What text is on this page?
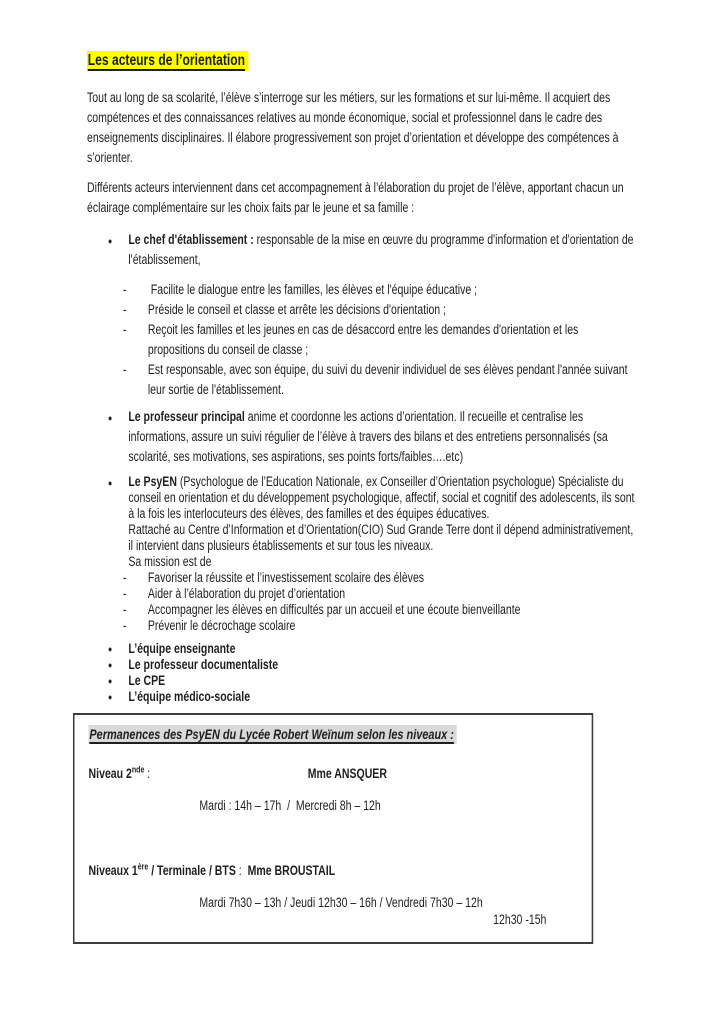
Les acteurs de l’orientation

Tout au long de sa scolarité, l’élève s’interroge sur les métiers, sur les formations et sur lui-même. Il acquiert des compétences et des connaissances relatives au monde économique, social et professionnel dans le cadre des enseignements disciplinaires. Il élabore progressivement son projet d’orientation et développe des compétences à s’orienter.

Différents acteurs interviennent dans cet accompagnement à l’élaboration du projet de l’élève, apportant chacun un éclairage complémentaire sur les choix faits par le jeune et sa famille :

● Le chef d'établissement : responsable de la mise en œuvre du programme d'information et d'orientation de l'établissement,
-  Facilite le dialogue entre les familles, les élèves et l'équipe éducative ;
- Préside le conseil et classe et arrête les décisions d'orientation ;
- Reçoit les familles et les jeunes en cas de désaccord entre les demandes d'orientation et les propositions du conseil de classe ;
- Est responsable, avec son équipe, du suivi du devenir individuel de ses élèves pendant l'année suivant leur sortie de l'établissement.
● Le professeur principal anime et coordonne les actions d’orientation. Il recueille et centralise les informations, assure un suivi régulier de l’élève à travers des bilans et des entretiens personnalisés (sa scolarité, ses motivations, ses aspirations, ses points forts/faibles….etc)
● Le PsyEN (Psychologue de l’Education Nationale, ex Conseiller d’Orientation psychologue) Spécialiste du conseil en orientation et du développement psychologique, affectif, social et cognitif des adolescents, ils sont à la fois les interlocuteurs des élèves, des familles et des équipes éducatives.
Rattaché au Centre d’Information et d’Orientation(CIO) Sud Grande Terre dont il dépend administrativement, il intervient dans plusieurs établissements et sur tous les niveaux.
Sa mission est de
- Favoriser la réussite et l’investissement scolaire des élèves
- Aider à l’élaboration du projet d’orientation
- Accompagner les élèves en difficultés par un accueil et une écoute bienveillante
- Prévenir le décrochage scolaire
● L’équipe enseignante
● Le professeur documentaliste
● Le CPE
● L’équipe médico-sociale
Permanences des PsyEN du Lycée Robert Weïnum selon les niveaux :
Niveau 2nde :	Mme ANSQUER
Mardi : 14h – 17h  /  Mercredi 8h – 12h
Niveaux 1ère / Terminale / BTS :  Mme BROUSTAIL
Mardi 7h30 – 13h / Jeudi 12h30 – 16h / Vendredi 7h30 – 12h
12h30 -15h
